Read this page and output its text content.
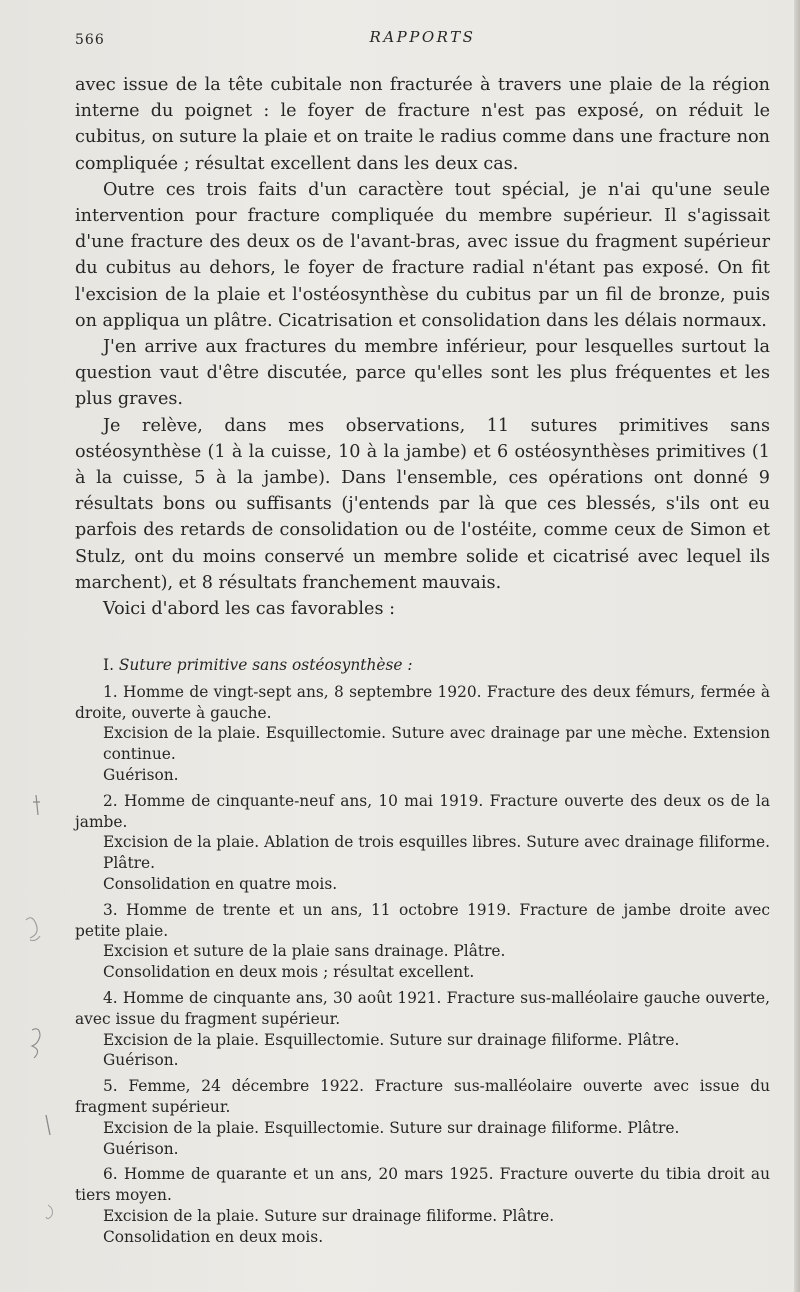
566	RAPPORTS

avec issue de la tête cubitale non fracturée à travers une plaie de la région interne du poignet : le foyer de fracture n'est pas exposé, on réduit le cubitus, on suture la plaie et on traite le radius comme dans une fracture non compliquée ; résultat excellent dans les deux cas.

Outre ces trois faits d'un caractère tout spécial, je n'ai qu'une seule intervention pour fracture compliquée du membre supérieur. Il s'agissait d'une fracture des deux os de l'avant-bras, avec issue du fragment supérieur du cubitus au dehors, le foyer de fracture radial n'étant pas exposé. On fit l'excision de la plaie et l'ostéosynthèse du cubitus par un fil de bronze, puis on appliqua un plâtre. Cicatrisation et consolidation dans les délais normaux.

J'en arrive aux fractures du membre inférieur, pour lesquelles surtout la question vaut d'être discutée, parce qu'elles sont les plus fréquentes et les plus graves.

Je relève, dans mes observations, 11 sutures primitives sans ostéosynthèse (1 à la cuisse, 10 à la jambe) et 6 ostéosynthèses primitives (1 à la cuisse, 5 à la jambe). Dans l'ensemble, ces opérations ont donné 9 résultats bons ou suffisants (j'entends par là que ces blessés, s'ils ont eu parfois des retards de consolidation ou de l'ostéite, comme ceux de Simon et Stulz, ont du moins conservé un membre solide et cicatrisé avec lequel ils marchent), et 8 résultats franchement mauvais.

Voici d'abord les cas favorables :

I. Suture primitive sans ostéosynthèse :

1. Homme de vingt-sept ans, 8 septembre 1920. Fracture des deux fémurs, fermée à droite, ouverte à gauche.

Excision de la plaie. Esquillectomie. Suture avec drainage par une mèche. Extension continue.

Guérison.

2. Homme de cinquante-neuf ans, 10 mai 1919. Fracture ouverte des deux os de la jambe.

Excision de la plaie. Ablation de trois esquilles libres. Suture avec drainage filiforme. Plâtre.

Consolidation en quatre mois.

3. Homme de trente et un ans, 11 octobre 1919. Fracture de jambe droite avec petite plaie.

Excision et suture de la plaie sans drainage. Plâtre.

Consolidation en deux mois ; résultat excellent.

4. Homme de cinquante ans, 30 août 1921. Fracture sus-malléolaire gauche ouverte, avec issue du fragment supérieur.

Excision de la plaie. Esquillectomie. Suture sur drainage filiforme. Plâtre.

Guérison.

5. Femme, 24 décembre 1922. Fracture sus-malléolaire ouverte avec issue du fragment supérieur.

Excision de la plaie. Esquillectomie. Suture sur drainage filiforme. Plâtre.

Guérison.

6. Homme de quarante et un ans, 20 mars 1925. Fracture ouverte du tibia droit au tiers moyen.

Excision de la plaie. Suture sur drainage filiforme. Plâtre.

Consolidation en deux mois.
